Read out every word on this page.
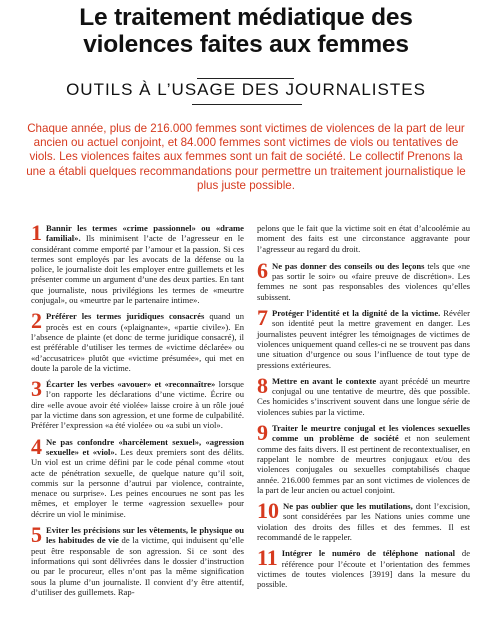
Le traitement médiatique des
violences faites aux femmes
OUTILS À L’USAGE DES JOURNALISTES
Chaque année, plus de 216.000 femmes sont victimes de violences de la part de leur ancien ou actuel conjoint, et 84.000 femmes sont victimes de viols ou tentatives de viols. Les violences faites aux femmes sont un fait de société. Le collectif Prenons la une a établi quelques recommandations pour permettre un traitement journalistique le plus juste possible.
1 Bannir les termes «crime passionnel» ou «drame familial». Ils minimisent l’acte de l’agresseur en le considérant comme emporté par l’amour et la passion. Si ces termes sont employés par les avocats de la défense ou la police, le journaliste doit les employer entre guillemets et les présenter comme un argument d’une des deux parties. En tant que journaliste, nous privilégions les termes de «meurtre conjugal», ou «meurtre par le partenaire intime».
2 Préférer les termes juridiques consacrés quand un procès est en cours («plaignante», «partie civile»). En l’absence de plainte (et donc de terme juridique consacré), il est préférable d’utiliser les termes de «victime déclarée» ou «d’accusatrice» plutôt que «victime présumée», qui met en doute la parole de la victime.
3 Écarter les verbes «avouer» et «reconnaître» lorsque l’on rapporte les déclarations d’une victime. Écrire ou dire «elle avoue avoir été violée» laisse croire à un rôle joué par la victime dans son agression, et une forme de culpabilité. Préférer l’expression «a été violée» ou «a subi un viol».
4 Ne pas confondre «harcèlement sexuel», «agression sexuelle» et «viol». Les deux premiers sont des délits. Un viol est un crime défini par le code pénal comme «tout acte de pénétration sexuelle, de quelque nature qu’il soit, commis sur la personne d’autrui par violence, contrainte, menace ou surprise». Les peines encourues ne sont pas les mêmes, et employer le terme «agression sexuelle» pour décrire un viol le minimise.
5 Eviter les précisions sur les vêtements, le physique ou les habitudes de vie de la victime, qui induisent qu’elle peut être responsable de son agression. Si ce sont des informations qui sont délivrées dans le dossier d’instruction ou par le procureur, elles n’ont pas la même signification sous la plume d’un journaliste. Il convient d’y être attentif, d’utiliser des guillemets. Rap-
pelons que le fait que la victime soit en état d’alcoolémie au moment des faits est une circonstance aggravante pour l’agresseur au regard du droit.
6 Ne pas donner des conseils ou des leçons tels que «ne pas sortir le soir» ou «faire preuve de discrétion». Les femmes ne sont pas responsables des violences qu’elles subissent.
7 Protéger l’identité et la dignité de la victime. Révéler son identité peut la mettre gravement en danger. Les journalistes peuvent intégrer les témoignages de victimes de violences uniquement quand celles-ci ne se trouvent pas dans une situation d’urgence ou sous l’influence de tout type de pressions extérieures.
8 Mettre en avant le contexte ayant précédé un meurtre conjugal ou une tentative de meurtre, dès que possible. Ces homicides s’inscrivent souvent dans une longue série de violences subies par la victime.
9 Traiter le meurtre conjugal et les violences sexuelles comme un problème de société et non seulement comme des faits divers. Il est pertinent de recontextualiser, en rappelant le nombre de meurtres conjugaux et/ou des violences conjugales ou sexuelles comptabilisés chaque année. 216.000 femmes par an sont victimes de violences de la part de leur ancien ou actuel conjoint.
10 Ne pas oublier que les mutilations, dont l’excision, sont considérées par les Nations unies comme une violation des droits des filles et des femmes. Il est recommandé de le rappeler.
11 Intégrer le numéro de téléphone national de référence pour l’écoute et l’orientation des femmes victimes de toutes violences [3919] dans la mesure du possible.
